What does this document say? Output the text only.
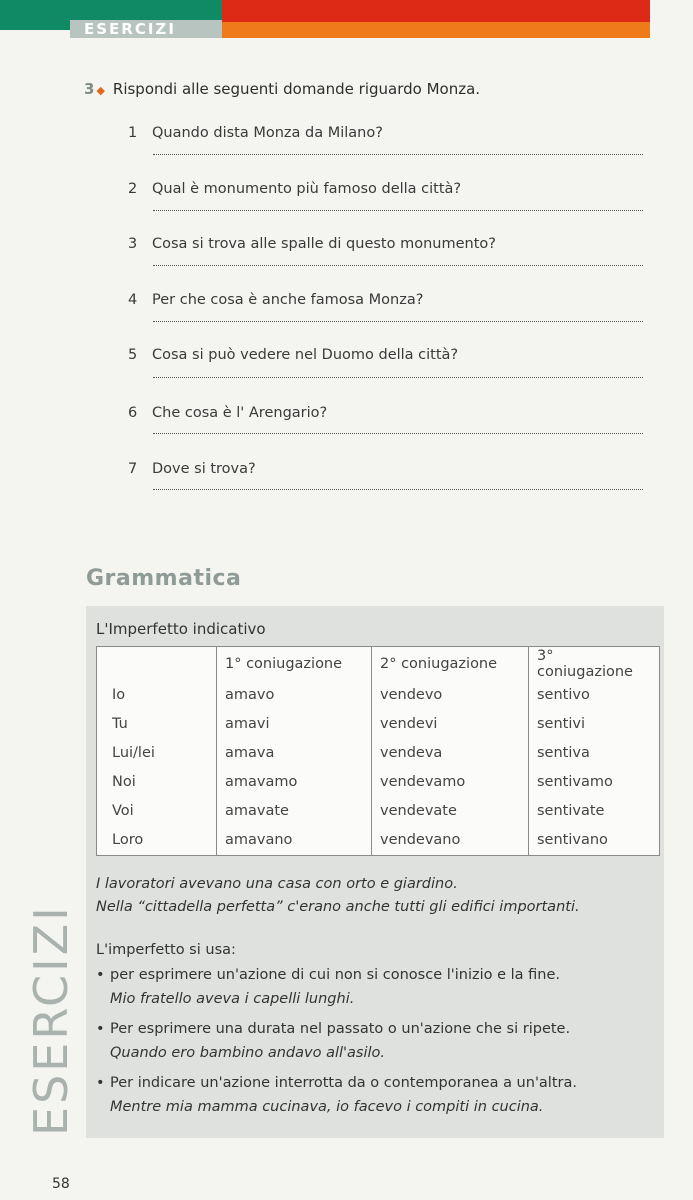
ESERCIZI
3 ◆ Rispondi alle seguenti domande riguardo Monza.
1 Quando dista Monza da Milano?
2 Qual è monumento più famoso della città?
3 Cosa si trova alle spalle di questo monumento?
4 Per che cosa è anche famosa Monza?
5 Cosa si può vedere nel Duomo della città?
6 Che cosa è l' Arengario?
7 Dove si trova?
Grammatica
L'Imperfetto indicativo
	1° coniugazione	2° coniugazione	3° coniugazione
Io	amavo	vendevo	sentivo
Tu	amavi	vendevi	sentivi
Lui/lei	amava	vendeva	sentiva
Noi	amavamo	vendevamo	sentivamo
Voi	amavate	vendevate	sentivate
Loro	amavano	vendevano	sentivano
I lavoratori avevano una casa con orto e giardino.
Nella “cittadella perfetta” c'erano anche tutti gli edifici importanti.
L'imperfetto si usa:
• per esprimere un'azione di cui non si conosce l'inizio e la fine.
Mio fratello aveva i capelli lunghi.
• Per esprimere una durata nel passato o un'azione che si ripete.
Quando ero bambino andavo all'asilo.
• Per indicare un'azione interrotta da o contemporanea a un'altra.
Mentre mia mamma cucinava, io facevo i compiti in cucina.
ESERCIZI
58
